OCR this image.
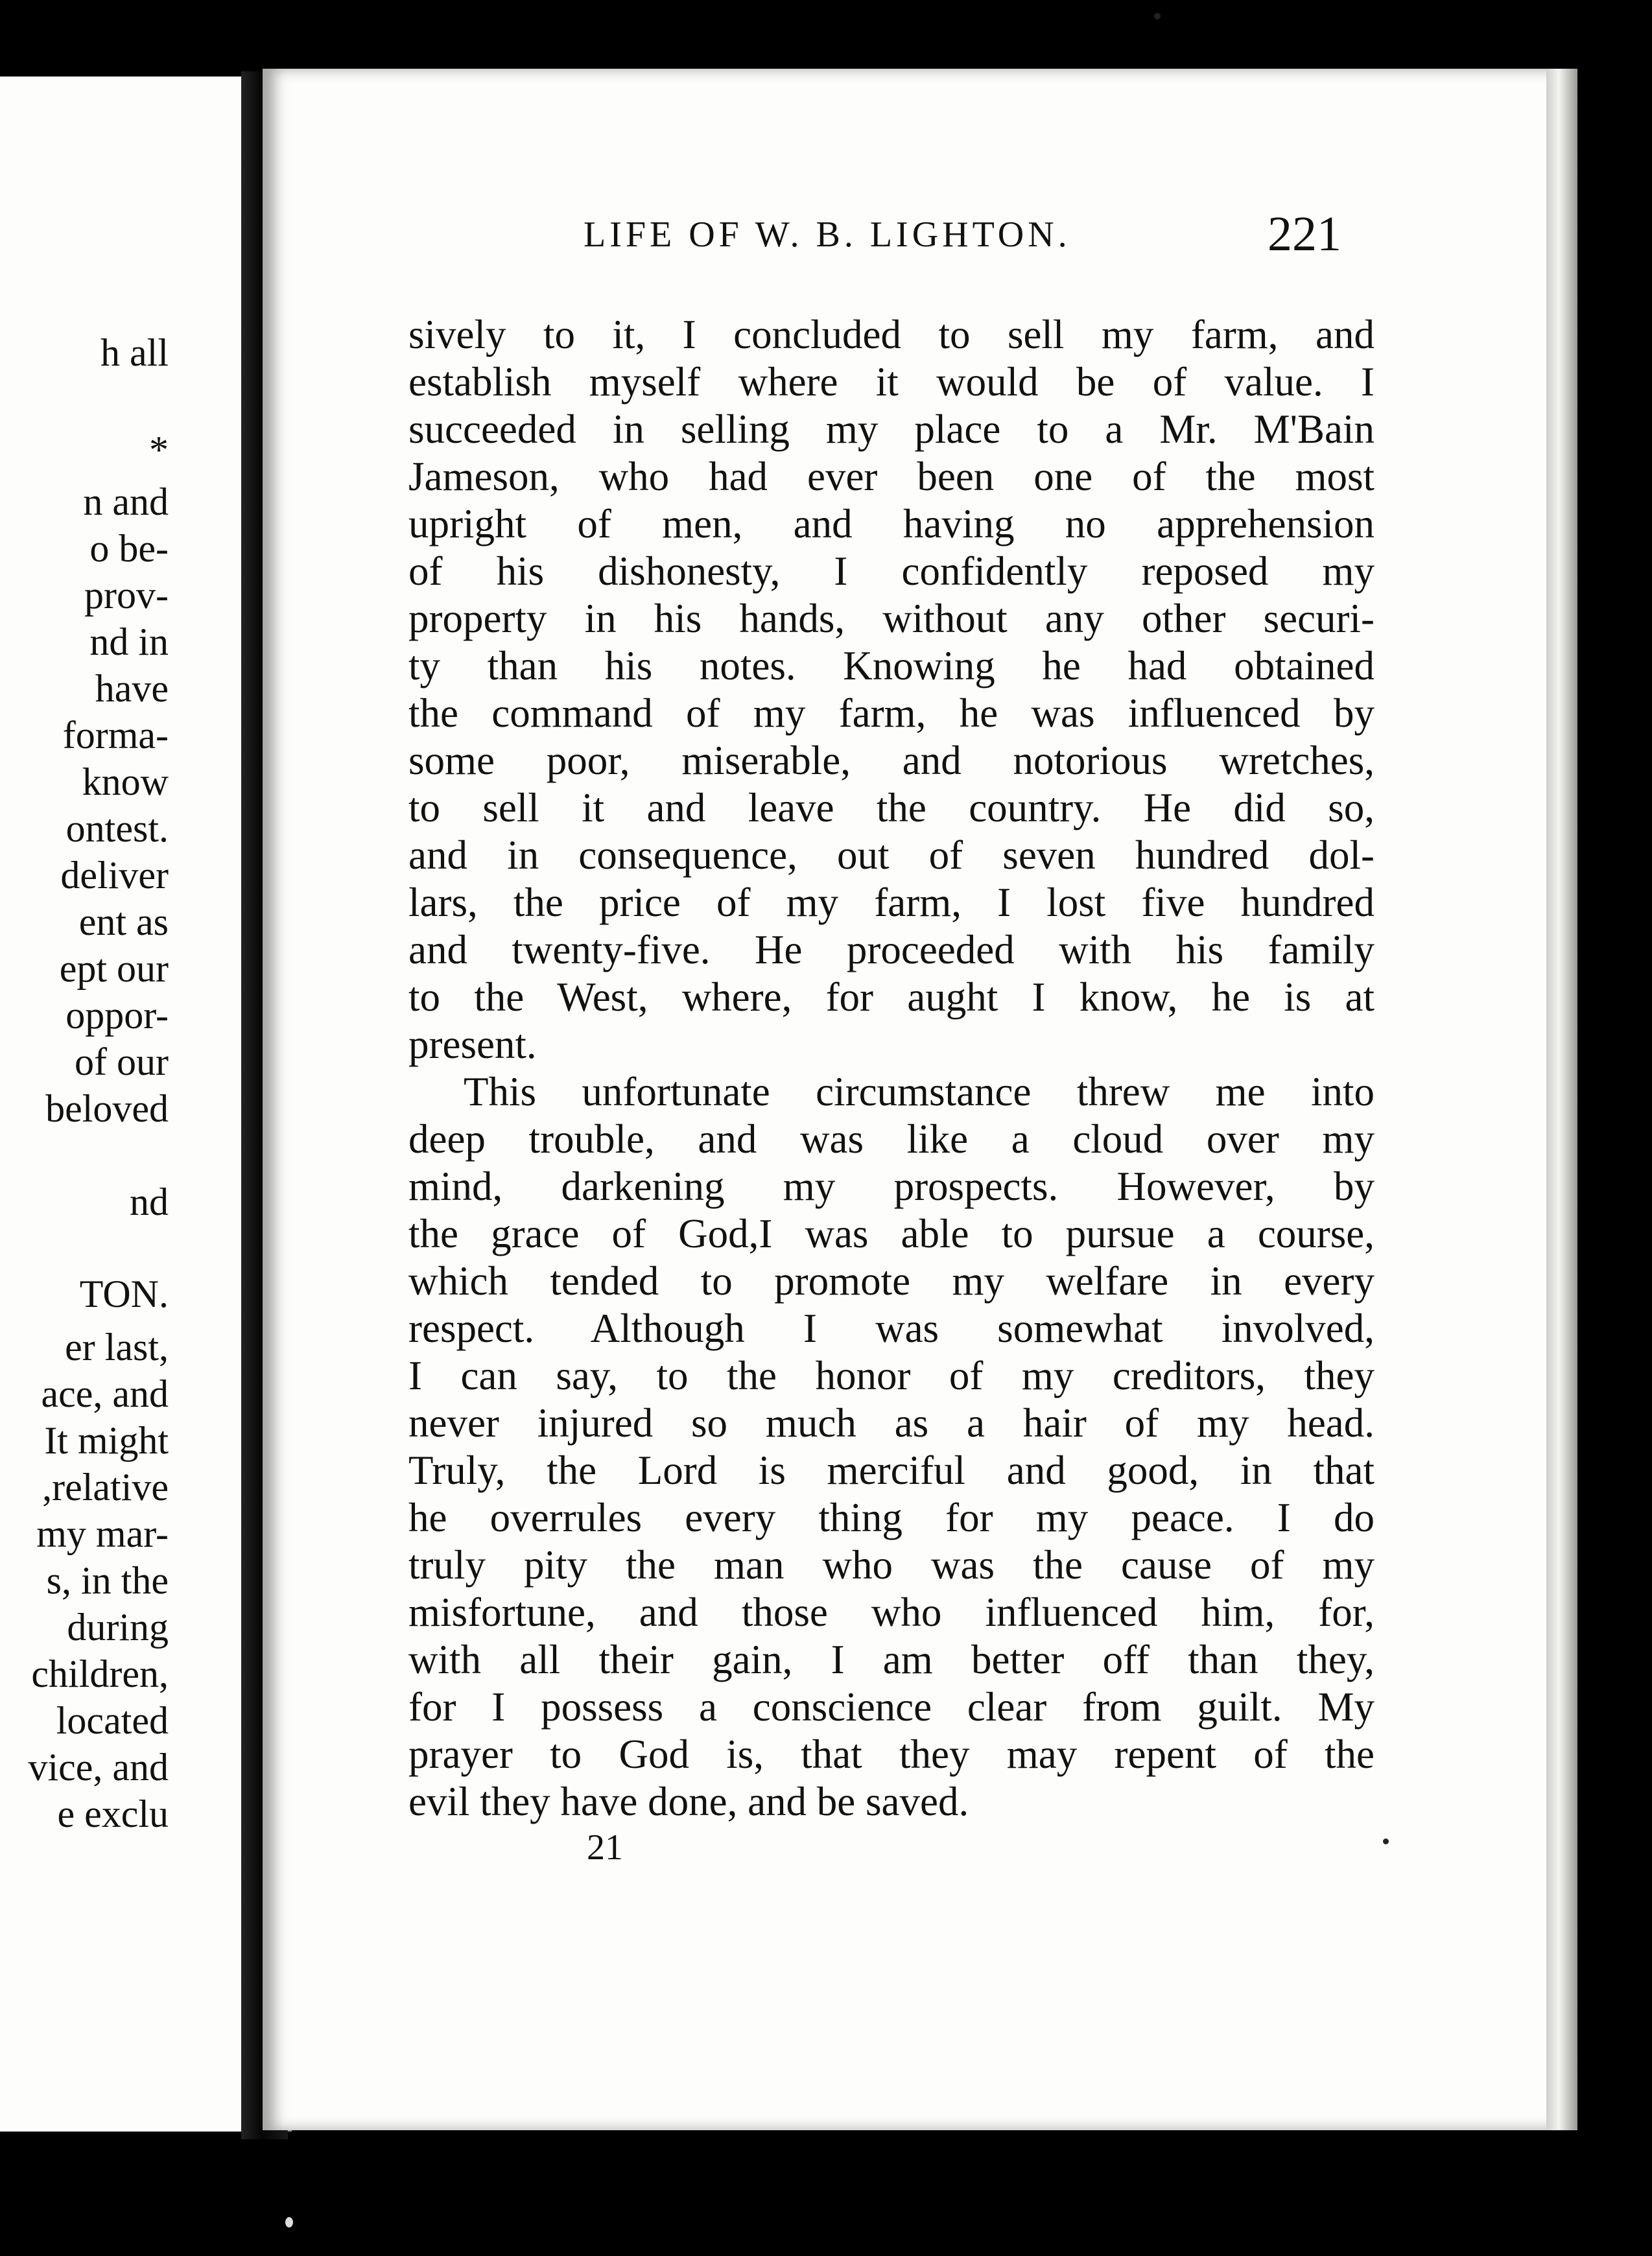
h all
*
n and
o be-
prov-
nd in
have
forma-
know
ontest.
deliver
ent as
ept our
oppor-
of our
beloved
nd
TON.
er last,
ace, and
It might
,relative
my mar-
s, in the
during
children,
located
vice, and
e exclu
LIFE OF W. B. LIGHTON.	221
sively to it, I concluded to sell my farm, and
establish myself where it would be of value. I
succeeded in selling my place to a Mr. M'Bain
Jameson, who had ever been one of the most
upright of men, and having no apprehension
of his dishonesty, I confidently reposed my
property in his hands, without any other securi-
ty than his notes. Knowing he had obtained
the command of my farm, he was influenced by
some poor, miserable, and notorious wretches,
to sell it and leave the country. He did so,
and in consequence, out of seven hundred dol-
lars, the price of my farm, I lost five hundred
and twenty-five. He proceeded with his family
to the West, where, for aught I know, he is at
present.
This unfortunate circumstance threw me into
deep trouble, and was like a cloud over my
mind, darkening my prospects. However, by
the grace of God,I was able to pursue a course,
which tended to promote my welfare in every
respect. Although I was somewhat involved,
I can say, to the honor of my creditors, they
never injured so much as a hair of my head.
Truly, the Lord is merciful and good, in that
he overrules every thing for my peace. I do
truly pity the man who was the cause of my
misfortune, and those who influenced him, for,
with all their gain, I am better off than they,
for I possess a conscience clear from guilt. My
prayer to God is, that they may repent of the
evil they have done, and be saved.
21
